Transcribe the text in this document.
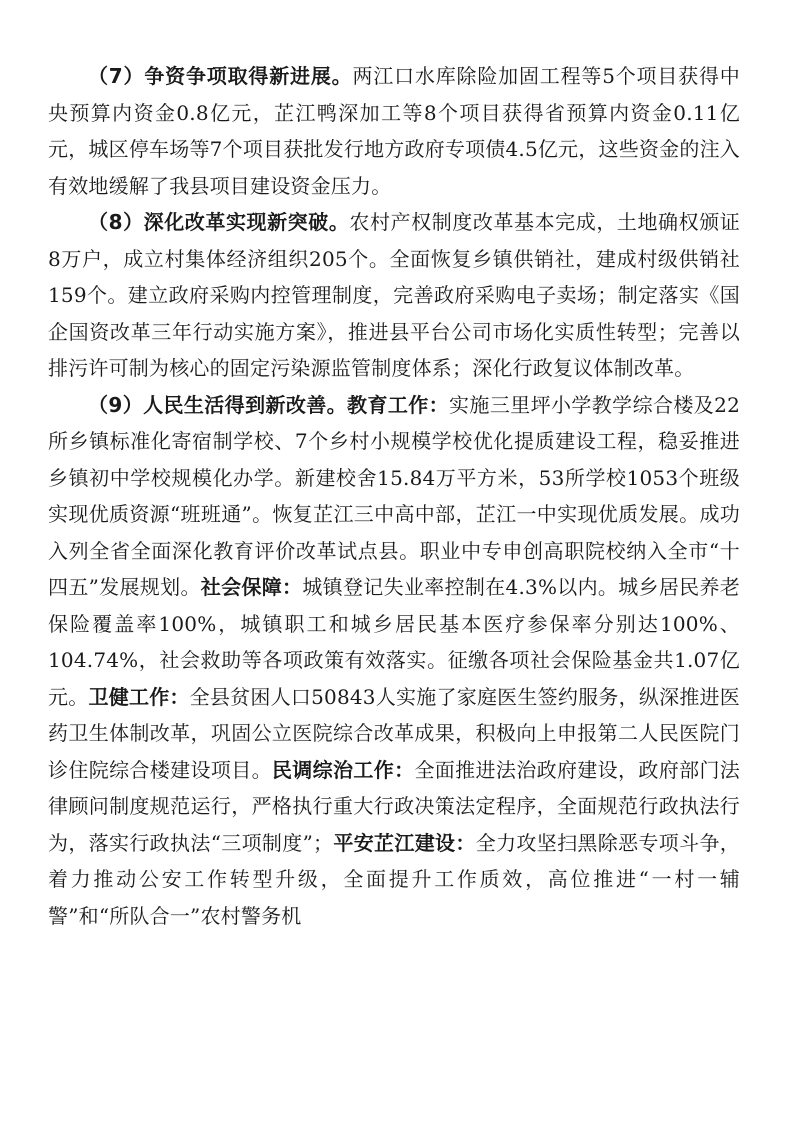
（7）争资争项取得新进展。两江口水库除险加固工程等5个项目获得中央预算内资金0.8亿元，芷江鸭深加工等8个项目获得省预算内资金0.11亿元，城区停车场等7个项目获批发行地方政府专项债4.5亿元，这些资金的注入有效地缓解了我县项目建设资金压力。

（8）深化改革实现新突破。农村产权制度改革基本完成，土地确权颁证8万户，成立村集体经济组织205个。全面恢复乡镇供销社，建成村级供销社159个。建立政府采购内控管理制度，完善政府采购电子卖场；制定落实《国企国资改革三年行动实施方案》，推进县平台公司市场化实质性转型；完善以排污许可制为核心的固定污染源监管制度体系；深化行政复议体制改革。

（9）人民生活得到新改善。教育工作：实施三里坪小学教学综合楼及22所乡镇标准化寄宿制学校、7个乡村小规模学校优化提质建设工程，稳妥推进乡镇初中学校规模化办学。新建校舍15.84万平方米，53所学校1053个班级实现优质资源“班班通”。恢复芷江三中高中部，芷江一中实现优质发展。成功入列全省全面深化教育评价改革试点县。职业中专申创高职院校纳入全市“十四五”发展规划。社会保障：城镇登记失业率控制在4.3%以内。城乡居民养老保险覆盖率100%，城镇职工和城乡居民基本医疗参保率分别达100%、104.74%，社会救助等各项政策有效落实。征缴各项社会保险基金共1.07亿元。卫健工作：全县贫困人口50843人实施了家庭医生签约服务，纵深推进医药卫生体制改革，巩固公立医院综合改革成果，积极向上申报第二人民医院门诊住院综合楼建设项目。民调综治工作：全面推进法治政府建设，政府部门法律顾问制度规范运行，严格执行重大行政决策法定程序，全面规范行政执法行为，落实行政执法“三项制度”；平安芷江建设：全力攻坚扫黑除恶专项斗争，着力推动公安工作转型升级，全面提升工作质效，高位推进“一村一辅警”和“所队合一”农村警务机
